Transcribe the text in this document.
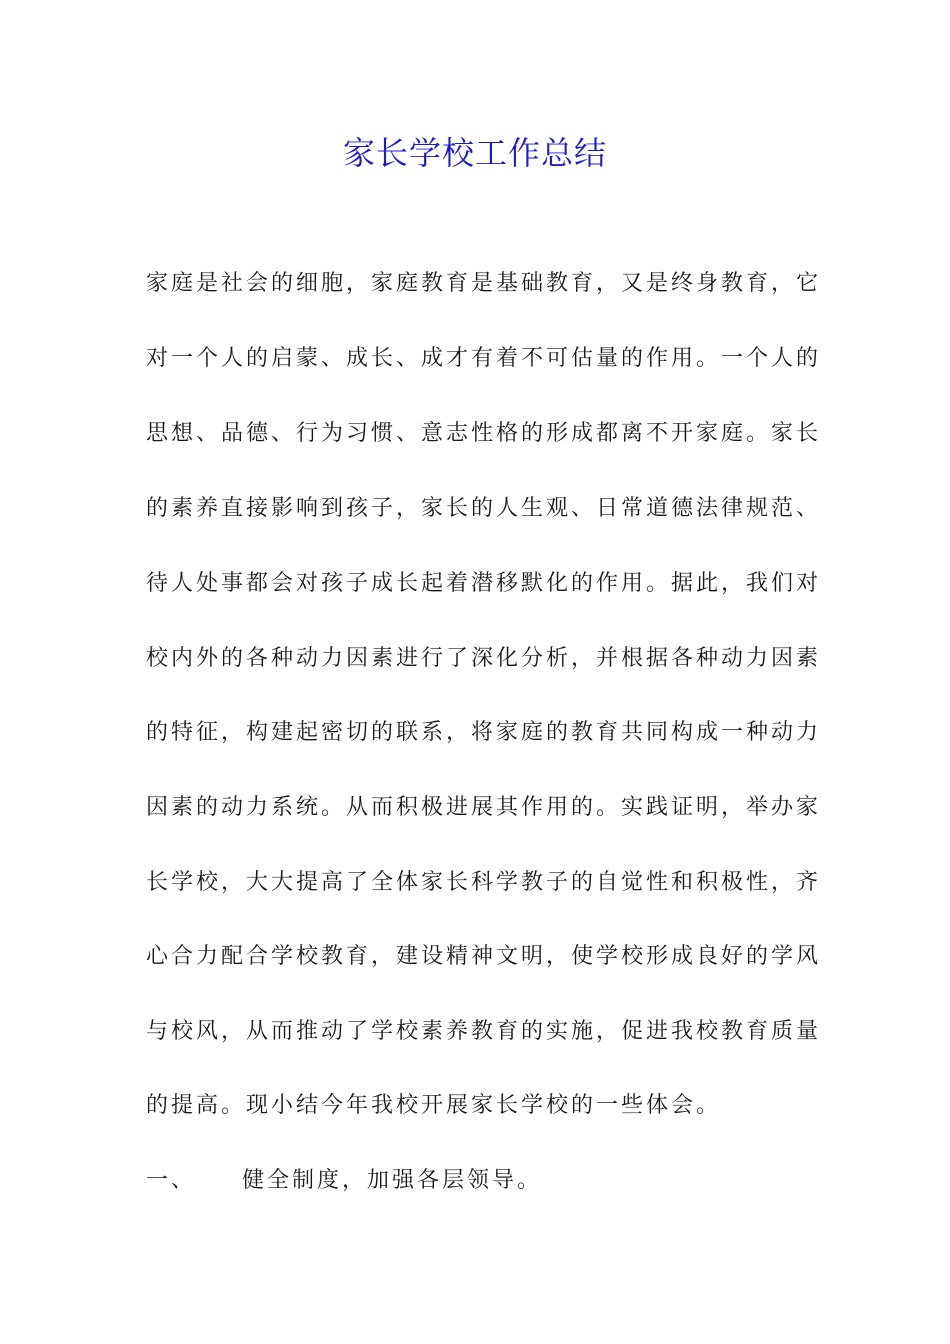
家长学校工作总结
家庭是社会的细胞，家庭教育是基础教育，又是终身教育，它
对一个人的启蒙、成长、成才有着不可估量的作用。一个人的
思想、品德、行为习惯、意志性格的形成都离不开家庭。家长
的素养直接影响到孩子，家长的人生观、日常道德法律规范、
待人处事都会对孩子成长起着潜移默化的作用。据此，我们对
校内外的各种动力因素进行了深化分析，并根据各种动力因素
的特征，构建起密切的联系，将家庭的教育共同构成一种动力
因素的动力系统。从而积极进展其作用的。实践证明，举办家
长学校，大大提高了全体家长科学教子的自觉性和积极性，齐
心合力配合学校教育，建设精神文明，使学校形成良好的学风
与校风，从而推动了学校素养教育的实施，促进我校教育质量
的提高。现小结今年我校开展家长学校的一些体会。
一、 健全制度，加强各层领导。
